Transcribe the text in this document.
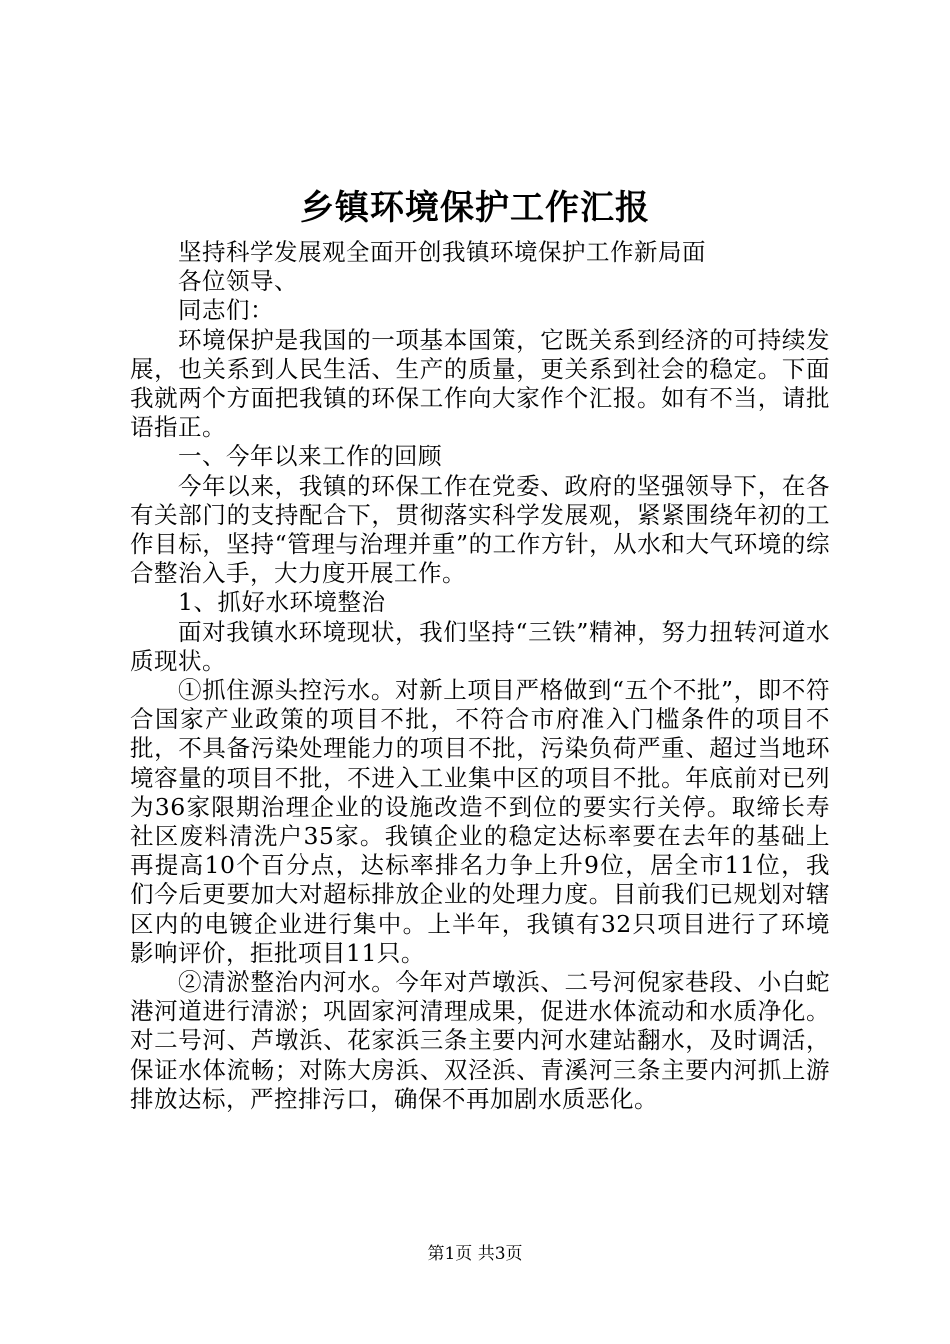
乡镇环境保护工作汇报

坚持科学发展观全面开创我镇环境保护工作新局面

各位领导、

同志们：

环境保护是我国的一项基本国策，它既关系到经济的可持续发展，也关系到人民生活、生产的质量，更关系到社会的稳定。下面我就两个方面把我镇的环保工作向大家作个汇报。如有不当，请批语指正。

一、今年以来工作的回顾

今年以来，我镇的环保工作在党委、政府的坚强领导下，在各有关部门的支持配合下，贯彻落实科学发展观，紧紧围绕年初的工作目标，坚持“管理与治理并重”的工作方针，从水和大气环境的综合整治入手，大力度开展工作。

1、抓好水环境整治

面对我镇水环境现状，我们坚持“三铁”精神，努力扭转河道水质现状。

①抓住源头控污水。对新上项目严格做到“五个不批”，即不符合国家产业政策的项目不批，不符合市府准入门槛条件的项目不批，不具备污染处理能力的项目不批，污染负荷严重、超过当地环境容量的项目不批，不进入工业集中区的项目不批。年底前对已列为36家限期治理企业的设施改造不到位的要实行关停。取缔长寿社区废料清洗户35家。我镇企业的稳定达标率要在去年的基础上再提高10个百分点，达标率排名力争上升9位，居全市11位，我们今后更要加大对超标排放企业的处理力度。目前我们已规划对辖区内的电镀企业进行集中。上半年，我镇有32只项目进行了环境影响评价，拒批项目11只。

②清淤整治内河水。今年对芦墩浜、二号河倪家巷段、小白蛇港河道进行清淤；巩固家河清理成果，促进水体流动和水质净化。对二号河、芦墩浜、花家浜三条主要内河水建站翻水，及时调活，保证水体流畅；对陈大房浜、双泾浜、青溪河三条主要内河抓上游排放达标，严控排污口，确保不再加剧水质恶化。

第1页 共3页
